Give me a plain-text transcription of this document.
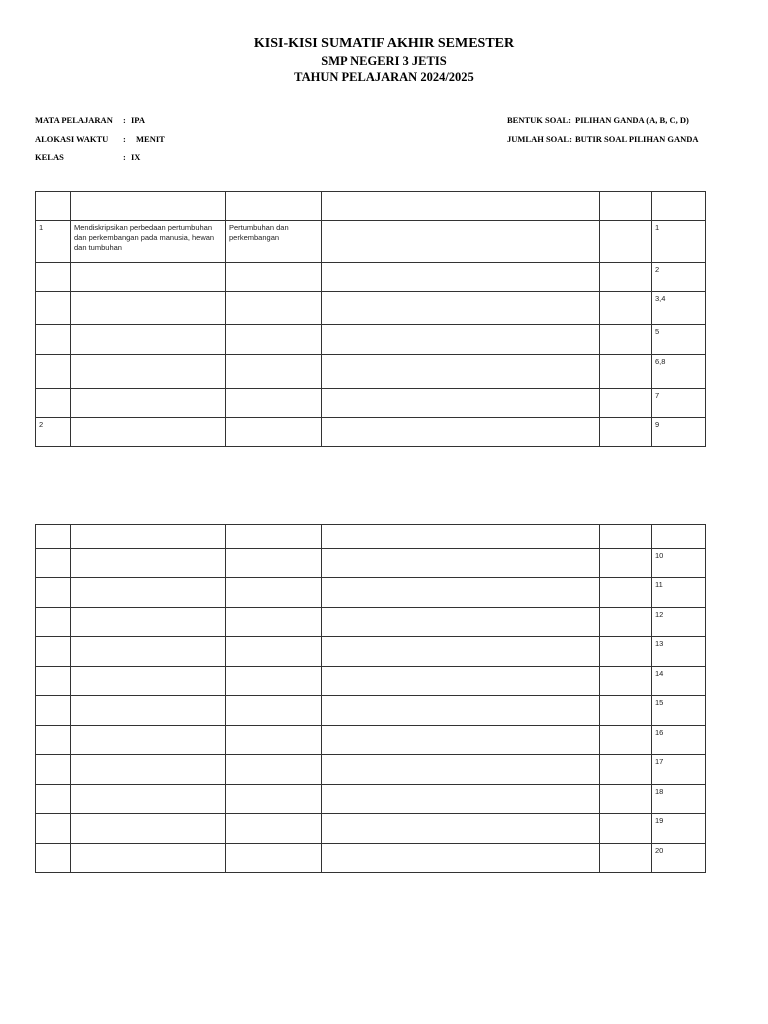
KISI-KISI SUMATIF AKHIR SEMESTER
SMP NEGERI 3 JETIS
TAHUN PELAJARAN 2024/2025
MATA PELAJARAN : IPA
ALOKASI WAKTU : MENIT
KELAS	: IX
BENTUK SOAL: PILIHAN GANDA (A, B, C, D)
JUMLAH SOAL: BUTIR SOAL PILIHAN GANDA

1	Mendiskripsikan perbedaan pertumbuhan dan perkembangan pada manusia, hewan dan tumbuhan	Pertumbuhan dan perkembangan			1
					2
					3,4
					5
					6,8
					7
2					9

					10
					11
					12
					13
					14
					15
					16
					17
					18
					19
					20
